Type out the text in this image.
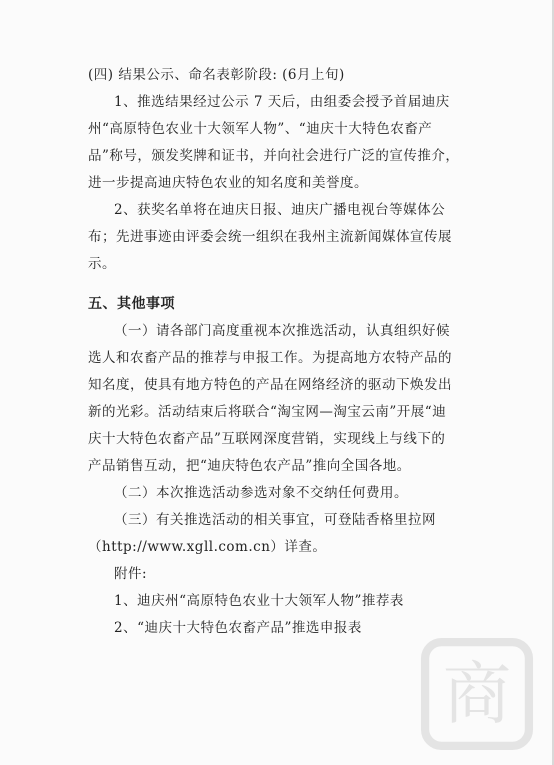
(四) 结果公示、命名表彰阶段: (6月上旬)

1、推选结果经过公示 7 天后，由组委会授予首届迪庆

州“高原特色农业十大领军人物”、“迪庆十大特色农畜产

品”称号，颁发奖牌和证书，并向社会进行广泛的宣传推介，

进一步提高迪庆特色农业的知名度和美誉度。

2、获奖名单将在迪庆日报、迪庆广播电视台等媒体公

布；先进事迹由评委会统一组织在我州主流新闻媒体宣传展

示。

五、其他事项

（一）请各部门高度重视本次推选活动，认真组织好候

选人和农畜产品的推荐与申报工作。为提高地方农特产品的

知名度，使具有地方特色的产品在网络经济的驱动下焕发出

新的光彩。活动结束后将联合“淘宝网—淘宝云南”开展“迪

庆十大特色农畜产品”互联网深度营销，实现线上与线下的

产品销售互动，把“迪庆特色农产品”推向全国各地。

（二）本次推选活动参选对象不交纳任何费用。

（三）有关推选活动的相关事宜，可登陆香格里拉网

（http://www.xgll.com.cn）详查。

附件:

1、迪庆州“高原特色农业十大领军人物”推荐表

2、“迪庆十大特色农畜产品”推选申报表

商
